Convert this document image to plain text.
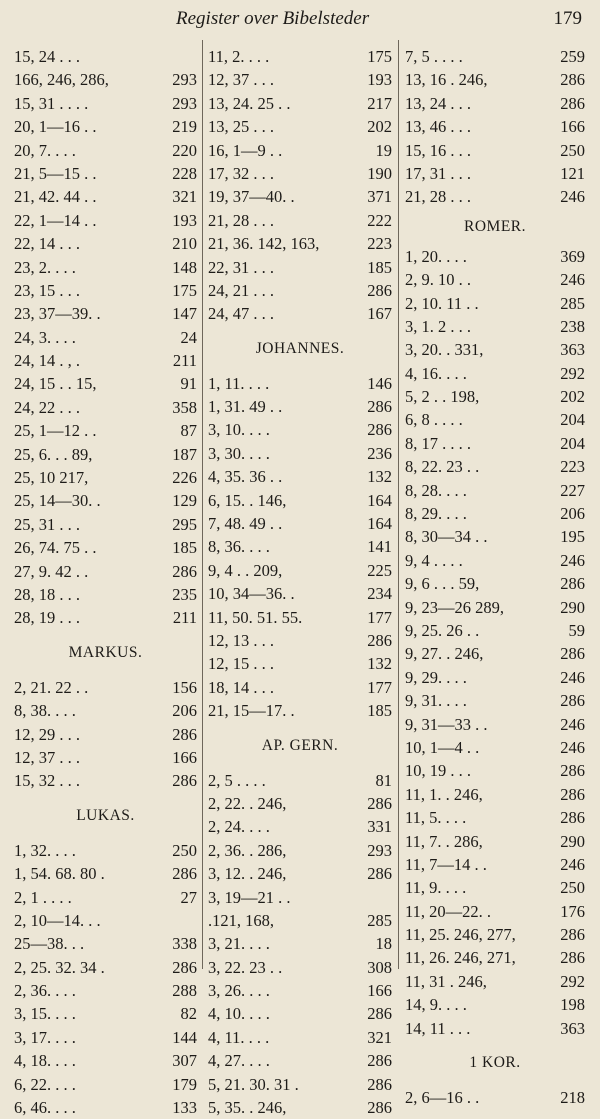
Register over Bibelsteder	179
15, 24 . . .
166, 246, 286,	293
15, 31 . . . .	293
20, 1—16 . .	219
20, 7. . . .	220
21, 5—15 . .	228
21, 42. 44 . .	321
22, 1—14 . .	193
22, 14 . . .	210
23, 2. . . .	148
23, 15 . . .	175
23, 37—39. .	147
24, 3. . . .	24
24, 14 . , .	211
24, 15 . . 15,	91
24, 22 . . .	358
25, 1—12 . .	87
25, 6. . . 89,	187
25, 10 217,	226
25, 14—30. .	129
25, 31 . . .	295
26, 74. 75 . .	185
27, 9. 42 . .	286
28, 18 . . .	235
28, 19 . . .	211
MARKUS.
2, 21. 22 . .	156
8, 38. . . .	206
12, 29 . . .	286
12, 37 . . .	166
15, 32 . . .	286
LUKAS.
1, 32. . . .	250
1, 54. 68. 80 .	286
2, 1 . . . .	27
2, 10—14. . .
25—38. . .	338
2, 25. 32. 34 .	286
2, 36. . . .	288
3, 15. . . .	82
3, 17. . . .	144
4, 18. . . .	307
6, 22. . . .	179
6, 46. . . .	133
11, 2. . . .	175
12, 37 . . .	193
13, 24. 25 . .	217
13, 25 . . .	202
16, 1—9 . .	19
17, 32 . . .	190
19, 37—40. .	371
21, 28 . . .	222
21, 36. 142, 163,	223
22, 31 . . .	185
24, 21 . . .	286
24, 47 . . .	167
JOHANNES.
1, 11. . . .	146
1, 31. 49 . .	286
3, 10. . . .	286
3, 30. . . .	236
4, 35. 36 . .	132
6, 15. . 146,	164
7, 48. 49 . .	164
8, 36. . . .	141
9, 4 . . 209,	225
10, 34—36. .	234
11, 50. 51. 55.	177
12, 13 . . .	286
12, 15 . . .	132
18, 14 . . .	177
21, 15—17. .	185
AP. GERN.
2, 5 . . . .	81
2, 22. . 246,	286
2, 24. . . .	331
2, 36. . 286,	293
3, 12. . 246,	286
3, 19—21 . .
.121, 168,	285
3, 21. . . .	18
3, 22. 23 . .	308
3, 26. . . .	166
4, 10. . . .	286
4, 11. . . .	321
4, 27. . . .	286
5, 21. 30. 31 .	286
5, 35. . 246,	286
7, 5 . . . .	259
13, 16 . 246,	286
13, 24 . . .	286
13, 46 . . .	166
15, 16 . . .	250
17, 31 . . .	121
21, 28 . . .	246
ROMER.
1, 20. . . .	369
2, 9. 10 . .	246
2, 10. 11 . .	285
3, 1. 2 . . .	238
3, 20. . 331,	363
4, 16. . . .	292
5, 2 . . 198,	202
6, 8 . . . .	204
8, 17 . . . .	204
8, 22. 23 . .	223
8, 28. . . .	227
8, 29. . . .	206
8, 30—34 . .	195
9, 4 . . . .	246
9, 6 . . . 59,	286
9, 23—26 289,	290
9, 25. 26 . .	59
9, 27. . 246,	286
9, 29. . . .	246
9, 31. . . .	286
9, 31—33 . .	246
10, 1—4 . .	246
10, 19 . . .	286
11, 1. . 246,	286
11, 5. . . .	286
11, 7. . 286,	290
11, 7—14 . .	246
11, 9. . . .	250
11, 20—22. .	176
11, 25. 246, 277,	286
11, 26. 246, 271,	286
11, 31 . 246,	292
14, 9. . . .	198
14, 11 . . .	363
1 KOR.
2, 6—16 . .	218
